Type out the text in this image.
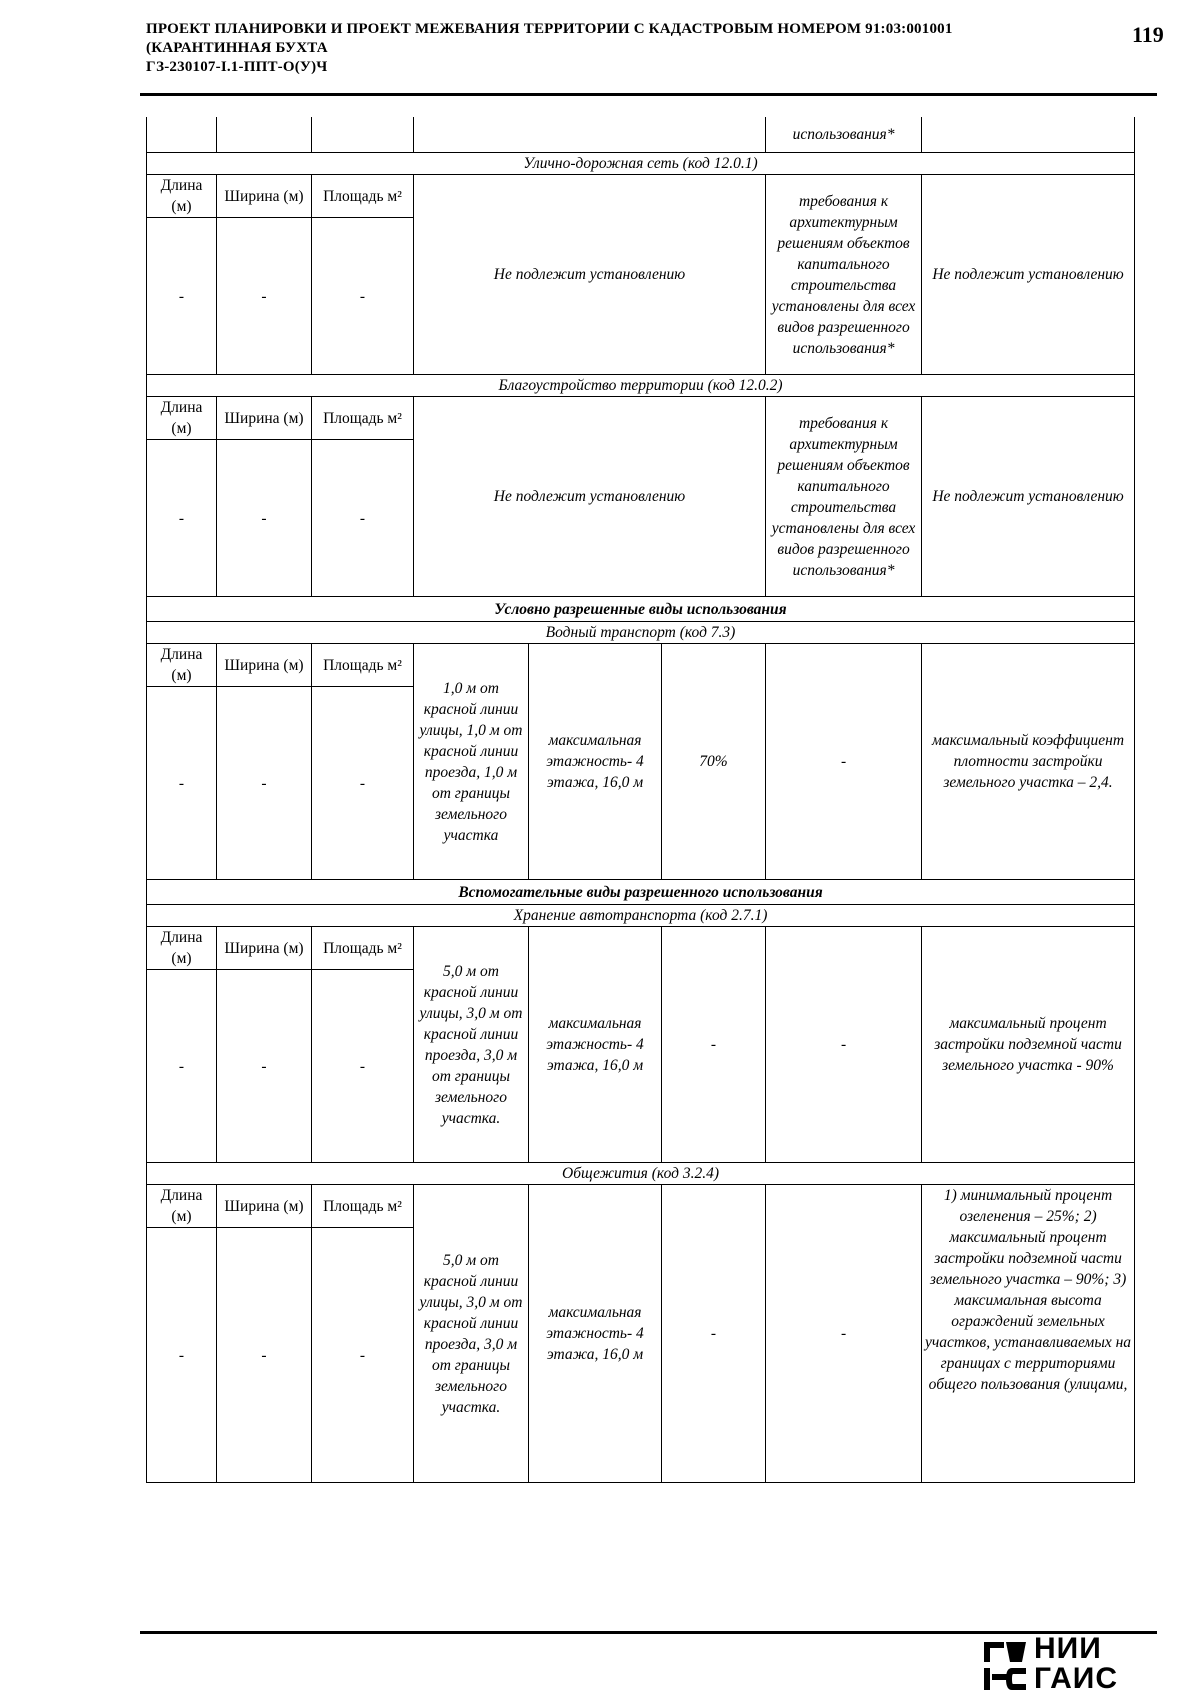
ПРОЕКТ ПЛАНИРОВКИ И ПРОЕКТ МЕЖЕВАНИЯ ТЕРРИТОРИИ С КАДАСТРОВЫМ НОМЕРОМ 91:03:001001
(КАРАНТИННАЯ БУХТА
ГЗ-230107-I.1-ППТ-О(У)Ч
119
						использования*	
Улично-дорожная сеть (код 12.0.1)							
Длина (м)	Ширина (м)	Площадь м²	Не подлежит установлению			требования к архитектурным решениям объектов капитального строительства установлены для всех видов разрешенного использования*	Не подлежит установлению
-	-	-					
Благоустройство территории (код 12.0.2)							
Длина (м)	Ширина (м)	Площадь м²	Не подлежит установлению			требования к архитектурным решениям объектов капитального строительства установлены для всех видов разрешенного использования*	Не подлежит установлению
-	-	-					
Условно разрешенные виды использования							
Водный транспорт (код 7.3)							
Длина (м)	Ширина (м)	Площадь м²	1,0 м от красной линии улицы, 1,0 м от красной линии проезда, 1,0 м от границы земельного участка	максимальная этажность- 4 этажа, 16,0 м	70%	-	максимальный коэффициент плотности застройки земельного участка – 2,4.
-	-	-					
Вспомогательные виды разрешенного использования							
Хранение автотранспорта (код 2.7.1)							
Длина (м)	Ширина (м)	Площадь м²	5,0 м от красной линии улицы, 3,0 м от красной линии проезда, 3,0 м от границы земельного участка.	максимальная этажность- 4 этажа, 16,0 м	-	-	максимальный процент застройки подземной части земельного участка - 90%
-	-	-					
Общежития (код 3.2.4)							
Длина (м)	Ширина (м)	Площадь м²	5,0 м от красной линии улицы, 3,0 м от красной линии проезда, 3,0 м от границы земельного участка.	максимальная этажность- 4 этажа, 16,0 м	-	-	1) минимальный процент озеленения – 25%; 2) максимальный процент застройки подземной части земельного участка – 90%; 3) максимальная высота ограждений земельных участков, устанавливаемых на границах с территориями общего пользования (улицами,
-	-	-					
НИИ
ГАИС
